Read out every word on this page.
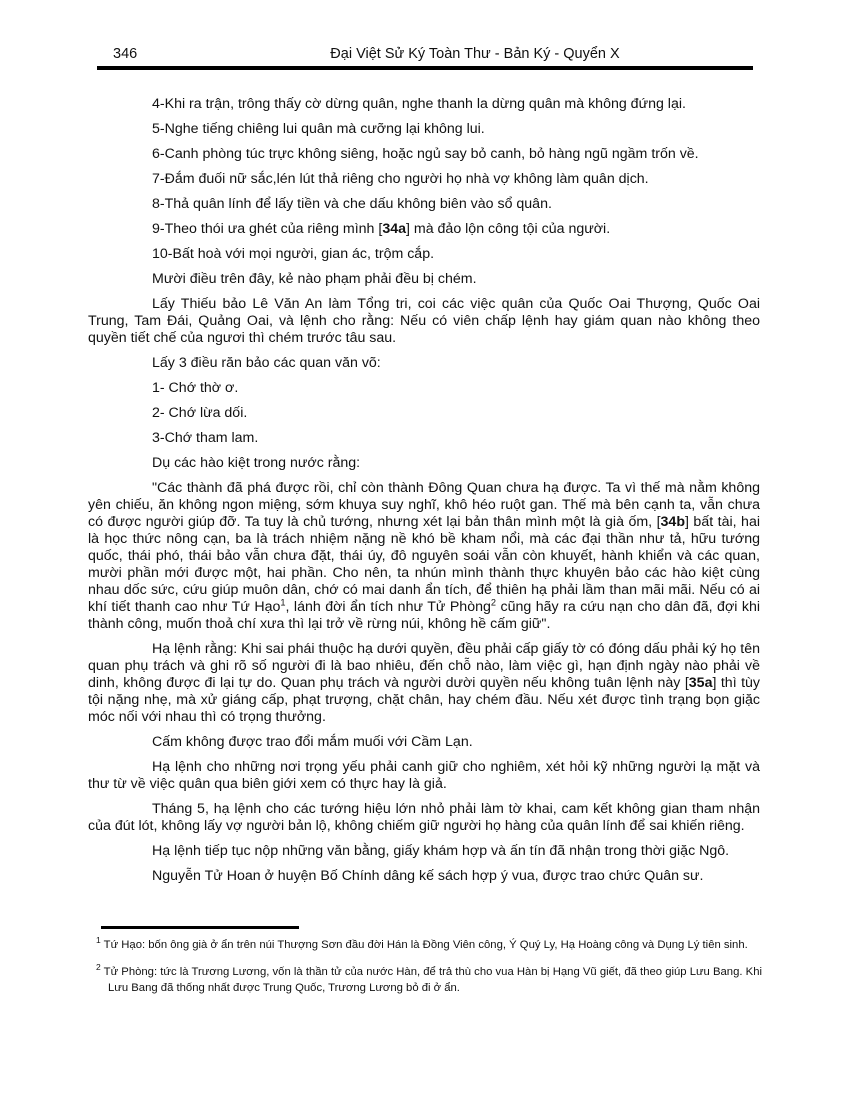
346	Đại Việt Sử Ký Toàn Thư - Bản Ký - Quyển X

4-Khi ra trận, trông thấy cờ dừng quân, nghe thanh la dừng quân mà không đứng lại.

5-Nghe tiếng chiêng lui quân mà cưỡng lại không lui.

6-Canh phòng túc trực không siêng, hoặc ngủ say bỏ canh, bỏ hàng ngũ ngầm trốn về.

7-Đắm đuối nữ sắc,lén lút thả riêng cho người họ nhà vợ không làm quân dịch.

8-Thả quân lính để lấy tiền và che dấu không biên vào sổ quân.

9-Theo thói ưa ghét của riêng mình [34a] mà đảo lộn công tội của người.

10-Bất hoà với mọi người, gian ác, trộm cắp.

Mười điều trên đây, kẻ nào phạm phải đều bị chém.

Lấy Thiếu bảo Lê Văn An làm Tổng tri, coi các việc quân của Quốc Oai Thượng, Quốc Oai Trung, Tam Đái, Quảng Oai, và lệnh cho rằng: Nếu có viên chấp lệnh hay giám quan nào không theo quyền tiết chế của ngươi thì chém trước tâu sau.

Lấy 3 điều răn bảo các quan văn võ:

1- Chớ thờ ơ.

2- Chớ lừa dối.

3-Chớ tham lam.

Dụ các hào kiệt trong nước rằng:

"Các thành đã phá được rồi, chỉ còn thành Đông Quan chưa hạ được. Ta vì thế mà nằm không yên chiếu, ăn không ngon miệng, sớm khuya suy nghĩ, khô héo ruột gan. Thế mà bên cạnh ta, vẫn chưa có được người giúp đỡ. Ta tuy là chủ tướng, nhưng xét lại bản thân mình một là già ốm, [34b] bất tài, hai là học thức nông cạn, ba là trách nhiệm nặng nề khó bề kham nổi, mà các đại thần như tả, hữu tướng quốc, thái phó, thái bảo vẫn chưa đặt, thái úy, đô nguyên soái vẫn còn khuyết, hành khiển và các quan, mười phần mới được một, hai phần. Cho nên, ta nhún mình thành thực khuyên bảo các hào kiệt cùng nhau dốc sức, cứu giúp muôn dân, chớ có mai danh ẩn tích, để thiên hạ phải lầm than mãi mãi. Nếu có ai khí tiết thanh cao như Tứ Hạo$^1$, lánh đời ẩn tích như Tử Phòng$^2$ cũng hãy ra cứu nạn cho dân đã, đợi khi thành công, muốn thoả chí xưa thì lại trở về rừng núi, không hề cấm giữ".

Hạ lệnh rằng: Khi sai phái thuộc hạ dưới quyền, đều phải cấp giấy tờ có đóng dấu phải ký họ tên quan phụ trách và ghi rõ số người đi là bao nhiêu, đến chỗ nào, làm việc gì, hạn định ngày nào phải về dinh, không được đi lại tự do. Quan phụ trách và người dười quyền nếu không tuân lệnh này [35a] thì tùy tội nặng nhẹ, mà xử giáng cấp, phạt trượng, chặt chân, hay chém đầu. Nếu xét được tình trạng bọn giặc móc nối với nhau thì có trọng thưởng.

Cấm không được trao đổi mắm muối với Cầm Lạn.

Hạ lệnh cho những nơi trọng yếu phải canh giữ cho nghiêm, xét hỏi kỹ những người lạ mặt và thư từ về việc quân qua biên giới xem có thực hay là giả.

Tháng 5, hạ lệnh cho các tướng hiệu lớn nhỏ phải làm tờ khai, cam kết không gian tham nhận của đút lót, không lấy vợ người bản lộ, không chiếm giữ người họ hàng của quân lính để sai khiến riêng.

Hạ lệnh tiếp tục nộp những văn bằng, giấy khám hợp và ấn tín đã nhận trong thời giặc Ngô.

Nguyễn Tử Hoan ở huyện Bố Chính dâng kế sách hợp ý vua, được trao chức Quân sư.

$^1$ Tứ Hạo: bốn ông già ở ẩn trên núi Thượng Sơn đầu đời Hán là Đồng Viên công, Ý Quý Ly, Hạ Hoàng công và Dụng Lý tiên sinh.
$^2$ Tử Phòng: tức là Trương Lương, vốn là thần tử của nước Hàn, để trả thù cho vua Hàn bị Hạng Vũ giết, đã theo giúp Lưu Bang. Khi Lưu Bang đã thống nhất được Trung Quốc, Trương Lương bỏ đi ở ẩn.
